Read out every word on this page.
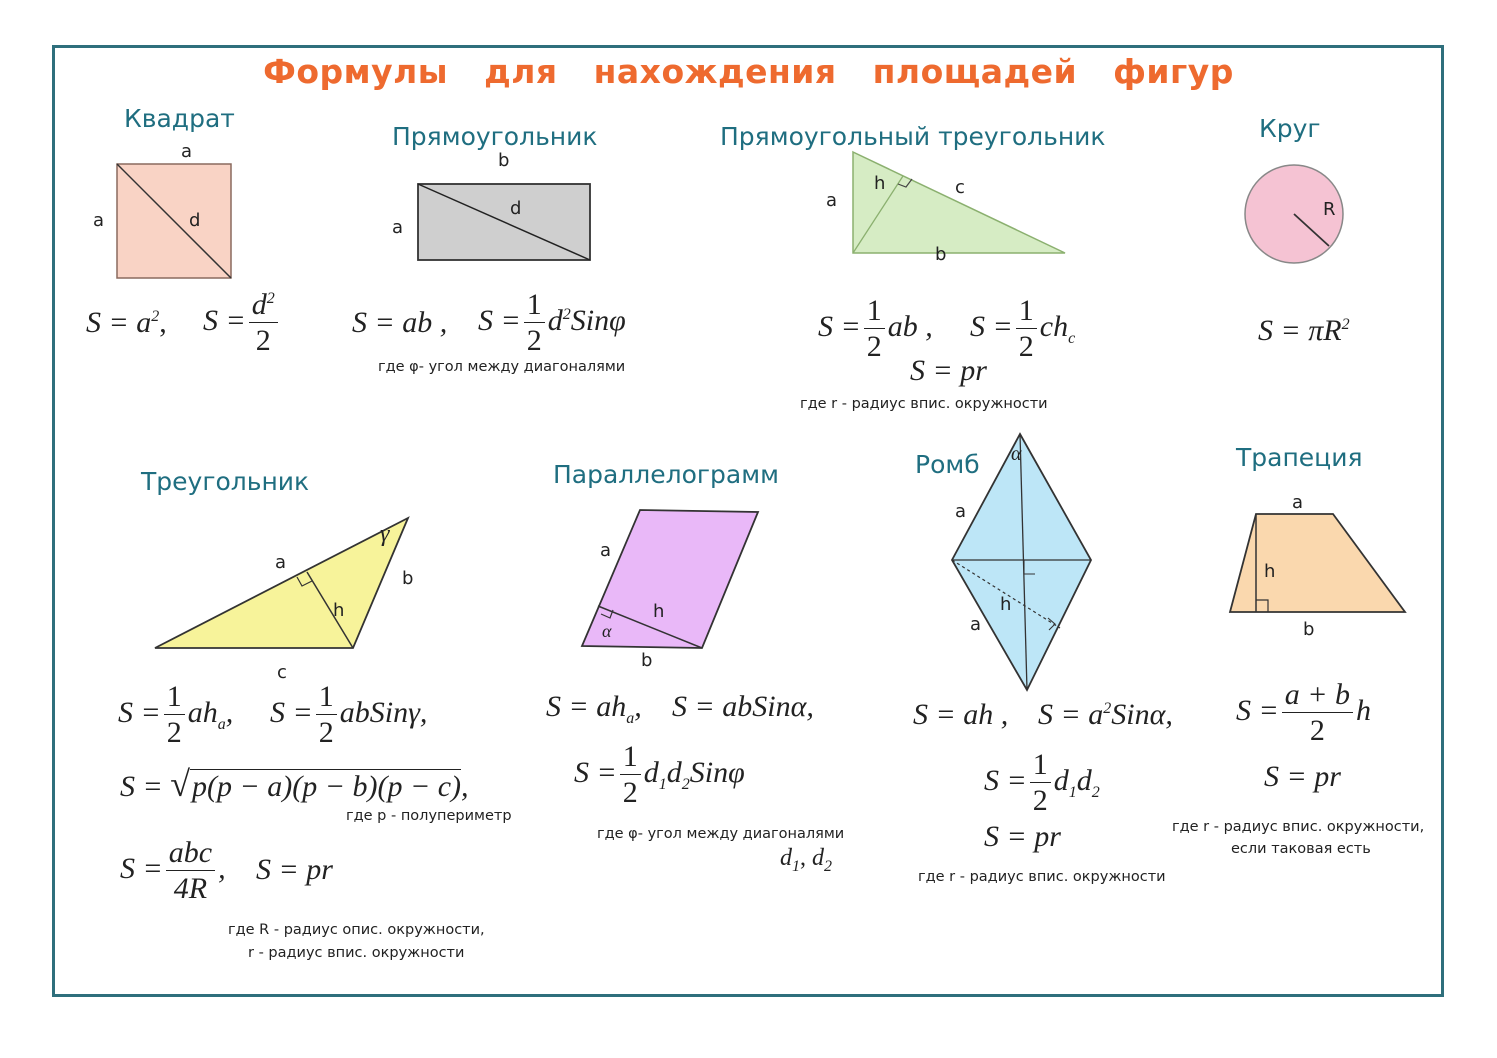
Формулы для нахождения площадей фигур
Квадрат
a
a	d
$S = a^2$, $S = \frac{d^2}{2}$
Прямоугольник
b
a
d
S = ab , $S = \frac{1}{2} d^2Sin\varphi$
где φ- угол между диагоналями
Прямоугольный треугольник
a
h	c
b
$S = \frac{1}{2}$ ab , $S = \frac{1}{2} ch_c$
S = pr
где r - радиус впис. окружности
Круг
R
$S = \pi R^2$
Треугольник
a
b
c
h
γ
$S = \frac{1}{2} ah_a$, $S = \frac{1}{2}$ abSinγ,
S = √p(p − a)(p − b)(p − c),
где p - полупериметр
S = abc
4R
, S = pr
где R - радиус опис. окружности,
r - радиус впис. окружности
Параллелограмм
a
h
b
α
$S = ah_a$, S = abSinα,
$S = \frac{1}{2} d_1d_2Sin\varphi$
где φ- угол между диагоналями
$d_1$, $d_2$
Ромб α
a
a
h
S = ah , $S = a^2Sin\alpha$,
$S = \frac{1}{2} d_1d_2$
S = pr
где r - радиус впис. окружности
Трапеция
a
h
b
$S = \frac{a + b}{2}$ h
S = pr
где r - радиус впис. окружности,
если таковая есть
